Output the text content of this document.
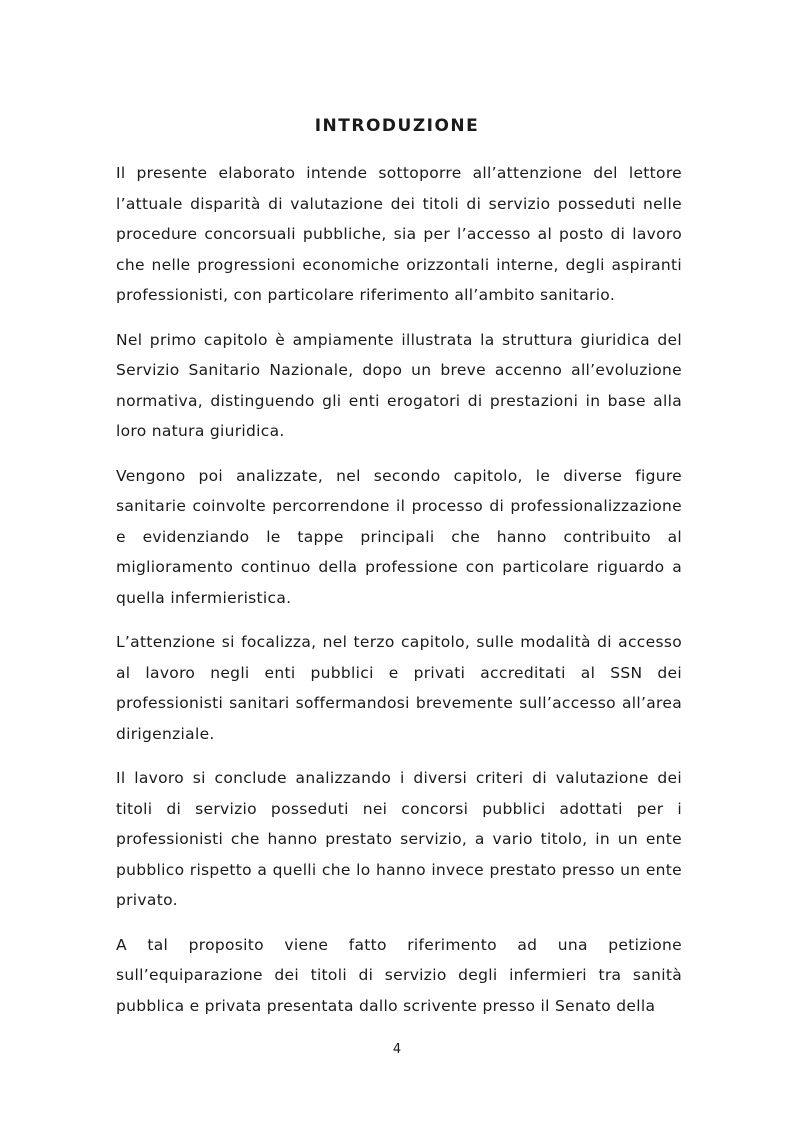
INTRODUZIONE

Il presente elaborato intende sottoporre all’attenzione del lettore l’attuale disparità di valutazione dei titoli di servizio posseduti nelle procedure concorsuali pubbliche, sia per l’accesso al posto di lavoro che nelle progressioni economiche orizzontali interne, degli aspiranti professionisti, con particolare riferimento all’ambito sanitario.

Nel primo capitolo è ampiamente illustrata la struttura giuridica del Servizio Sanitario Nazionale, dopo un breve accenno all’evoluzione normativa, distinguendo gli enti erogatori di prestazioni in base alla loro natura giuridica.

Vengono poi analizzate, nel secondo capitolo, le diverse figure sanitarie coinvolte percorrendone il processo di professionalizzazione e evidenziando le tappe principali che hanno contribuito al miglioramento continuo della professione con particolare riguardo a quella infermieristica.

L’attenzione si focalizza, nel terzo capitolo, sulle modalità di accesso al lavoro negli enti pubblici e privati accreditati al SSN dei professionisti sanitari soffermandosi brevemente sull’accesso all’area dirigenziale.

Il lavoro si conclude analizzando i diversi criteri di valutazione dei titoli di servizio posseduti nei concorsi pubblici adottati per i professionisti che hanno prestato servizio, a vario titolo, in un ente pubblico rispetto a quelli che lo hanno invece prestato presso un ente privato.

A tal proposito viene fatto riferimento ad una petizione sull’equiparazione dei titoli di servizio degli infermieri tra sanità pubblica e privata presentata dallo scrivente presso il Senato della

4
